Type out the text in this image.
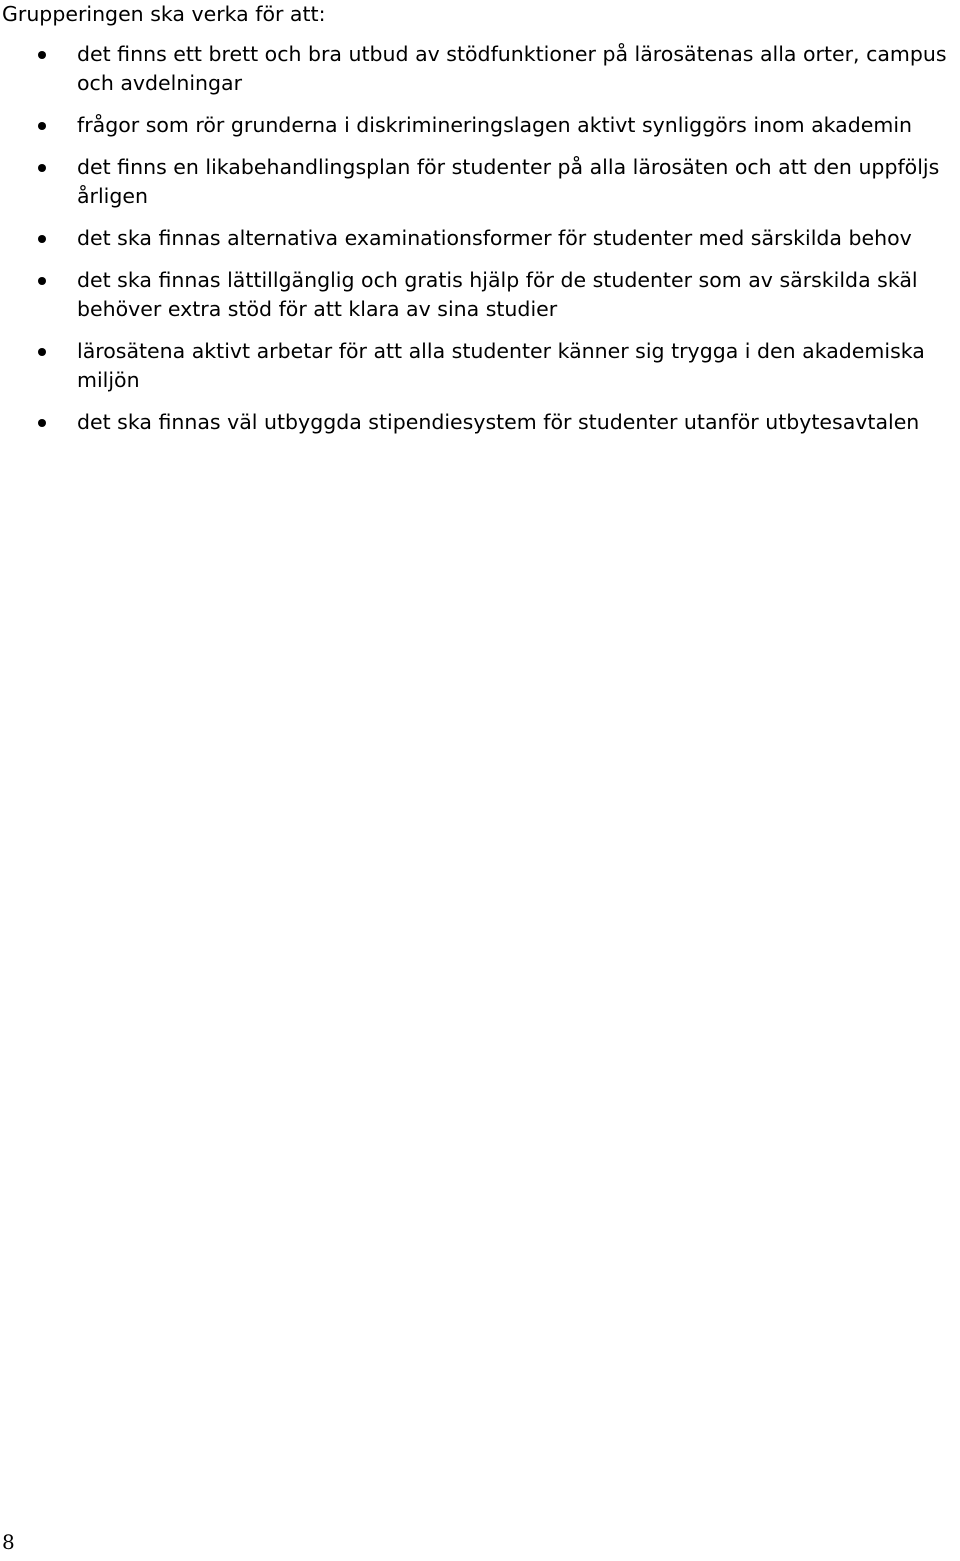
Grupperingen ska verka för att:

det finns ett brett och bra utbud av stödfunktioner på lärosätenas alla orter, campus och avdelningar
frågor som rör grunderna i diskrimineringslagen aktivt synliggörs inom akademin
det finns en likabehandlingsplan för studenter på alla lärosäten och att den uppföljs årligen
det ska finnas alternativa examinationsformer för studenter med särskilda behov
det ska finnas lättillgänglig och gratis hjälp för de studenter som av särskilda skäl behöver extra stöd för att klara av sina studier
lärosätena aktivt arbetar för att alla studenter känner sig trygga i den akademiska miljön
det ska finnas väl utbyggda stipendiesystem för studenter utanför utbytesavtalen
8
